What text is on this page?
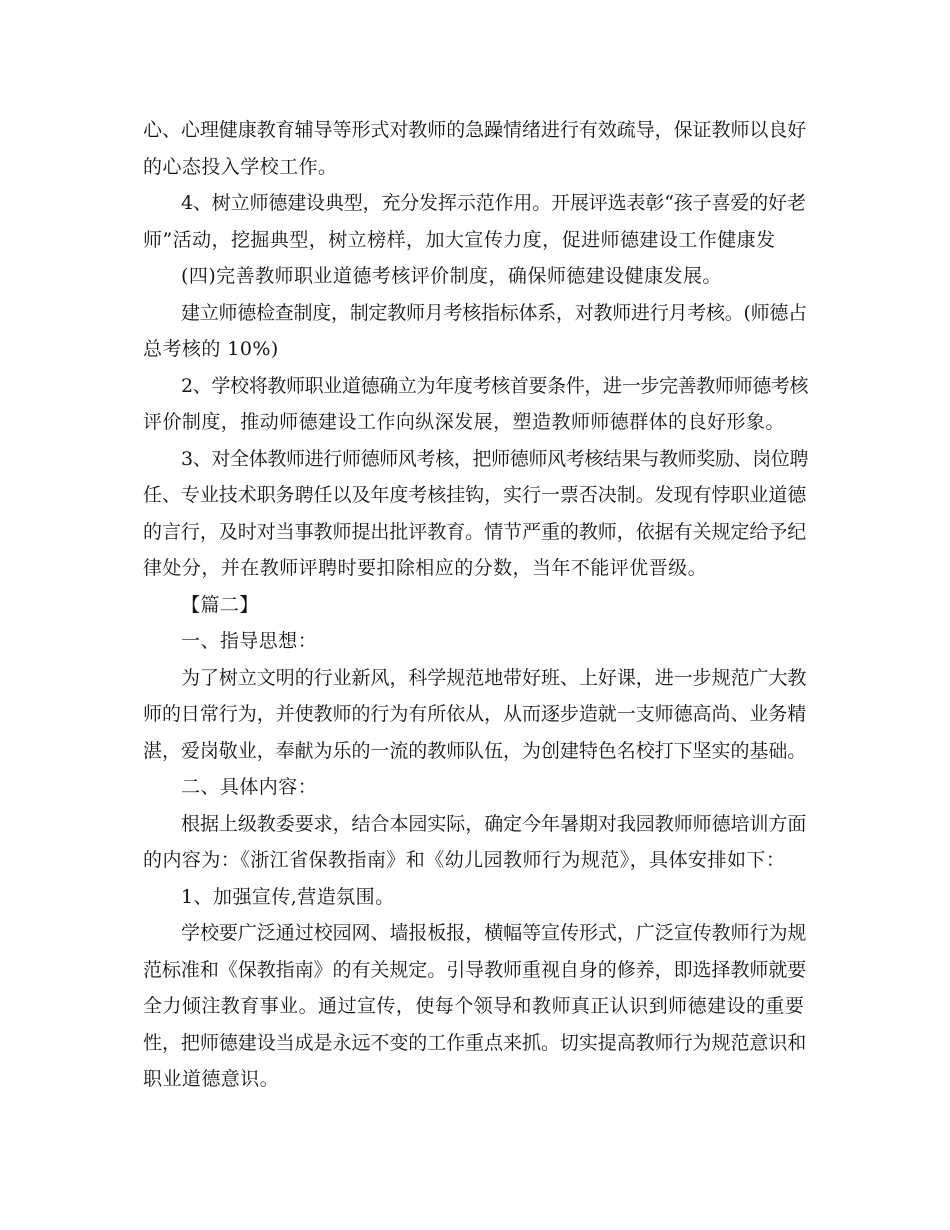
心、心理健康教育辅导等形式对教师的急躁情绪进行有效疏导，保证教师以良好
的心态投入学校工作。
4、树立师德建设典型，充分发挥示范作用。开展评选表彰“孩子喜爱的好老
师”活动，挖掘典型，树立榜样，加大宣传力度，促进师德建设工作健康发
(四)完善教师职业道德考核评价制度，确保师德建设健康发展。
建立师德检查制度，制定教师月考核指标体系，对教师进行月考核。(师德占
总考核的 10%)
2、学校将教师职业道德确立为年度考核首要条件，进一步完善教师师德考核
评价制度，推动师德建设工作向纵深发展，塑造教师师德群体的良好形象。
3、对全体教师进行师德师风考核，把师德师风考核结果与教师奖励、岗位聘
任、专业技术职务聘任以及年度考核挂钩，实行一票否决制。发现有悖职业道德
的言行，及时对当事教师提出批评教育。情节严重的教师，依据有关规定给予纪
律处分，并在教师评聘时要扣除相应的分数，当年不能评优晋级。
【篇二】
一、指导思想：
为了树立文明的行业新风，科学规范地带好班、上好课，进一步规范广大教
师的日常行为，并使教师的行为有所依从，从而逐步造就一支师德高尚、业务精
湛，爱岗敬业，奉献为乐的一流的教师队伍，为创建特色名校打下坚实的基础。
二、具体内容：
根据上级教委要求，结合本园实际，确定今年暑期对我园教师师德培训方面
的内容为：《浙江省保教指南》和《幼儿园教师行为规范》，具体安排如下：
1、加强宣传,营造氛围。
学校要广泛通过校园网、墙报板报，横幅等宣传形式，广泛宣传教师行为规
范标准和《保教指南》的有关规定。引导教师重视自身的修养，即选择教师就要
全力倾注教育事业。通过宣传，使每个领导和教师真正认识到师德建设的重要
性，把师德建设当成是永远不变的工作重点来抓。切实提高教师行为规范意识和
职业道德意识。
